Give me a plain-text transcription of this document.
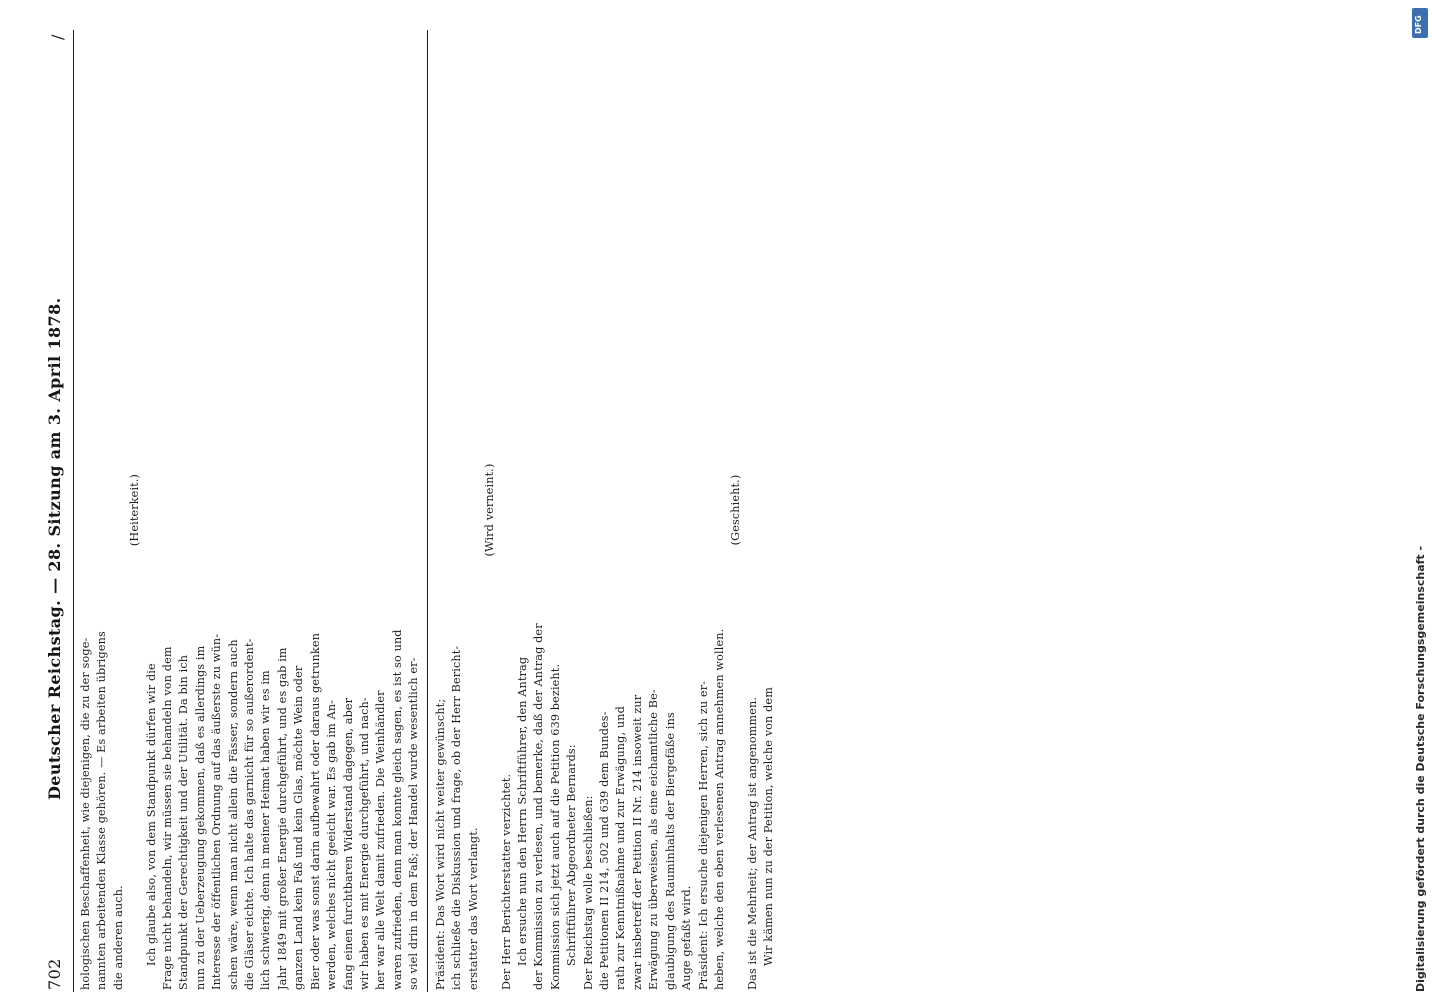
702
Deutscher Reichstag. — 28. Sitzung am 3. April 1878.
/

hologischen Beschaffenheit, wie diejenigen, die zu der soge-
nannten arbeitenden Klasse gehören. — Es arbeiten übrigens
die anderen auch.

(Heiterkeit.)

Ich glaube also, von dem Standpunkt dürfen wir die
Frage nicht behandeln, wir müssen sie behandeln von dem
Standpunkt der Gerechtigkeit und der Utilität. Da bin ich
nun zu der Ueberzeugung gekommen, daß es allerdings im
Interesse der öffentlichen Ordnung auf das äußerste zu wün-
schen wäre, wenn man nicht allein die Fässer, sondern auch
die Gläser eichte. Ich halte das garnicht für so außerordent-
lich schwierig, denn in meiner Heimat haben wir es im
Jahr 1849 mit großer Energie durchgeführt, und es gab im
ganzen Land kein Faß und kein Glas, möchte Wein oder
Bier oder was sonst darin aufbewahrt oder daraus getrunken
werden, welches nicht geeicht war. Es gab im An-
fang einen furchtbaren Widerstand dagegen, aber
wir haben es mit Energie durchgeführt, und nach-
her war alle Welt damit zufrieden. Die Weinhändler
waren zufrieden, denn man konnte gleich sagen, es ist so und
so viel drin in dem Faß; der Handel wurde wesentlich er-

Präsident: Das Wort wird nicht weiter gewünscht;
ich schließe die Diskussion und frage, ob der Herr Bericht-
erstatter das Wort verlangt.

(Wird verneint.)

Der Herr Berichterstatter verzichtet. Ich ersuche nun den Herrn Schriftführer, den Antrag
der Kommission zu verlesen, und bemerke, daß der Antrag der
Kommission sich jetzt auch auf die Petition 639 bezieht.

Schriftführer Abgeordneter Bernards:
Der Reichstag wolle beschließen:
die Petitionen II 214, 502 und 639 dem Bundes-
rath zur Kenntnißnahme und zur Erwägung, und
zwar insbetreff der Petition II Nr. 214 insoweit zur
Erwägung zu überweisen, als eine eichamtliche Be-
glaubigung des Rauminhalts der Biergefäße ins
Auge gefaßt wird.

Präsident: Ich ersuche diejenigen Herren, sich zu er-
heben, welche den eben verlesenen Antrag annehmen wollen.

(Geschieht.)

Das ist die Mehrheit; der Antrag ist angenommen. Wir kämen nun zu der Petition, welche von dem	Digitalisierung gefördert durch die Deutsche Forschungsgemeinschaft -
DFG
